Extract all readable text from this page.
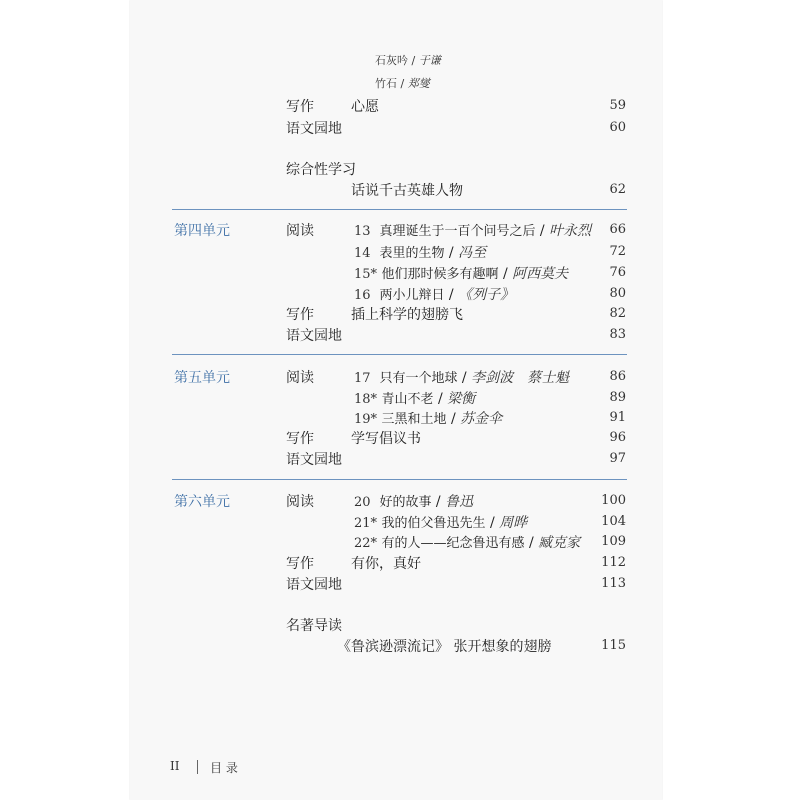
石灰吟 / 于谦
竹石 / 郑燮
写作	心愿	59
语文园地	60
综合性学习
话说千古英雄人物	62
第四单元	阅读	13 真理诞生于一百个问号之后 / 叶永烈	66
14 表里的生物 / 冯至	72
15* 他们那时候多有趣啊 / 阿西莫夫	76
16 两小儿辩日 / 《列子》	80
写作	插上科学的翅膀飞	82
语文园地	83
第五单元	阅读	17 只有一个地球 / 李剑波　蔡士魁	86
18* 青山不老 / 梁衡	89
19* 三黑和土地 / 苏金伞	91
写作	学写倡议书	96
语文园地	97
第六单元	阅读	20 好的故事 / 鲁迅	100
21* 我的伯父鲁迅先生 / 周晔	104
22* 有的人——纪念鲁迅有感 / 臧克家	109
写作	有你，真好	112
语文园地	113
名著导读
《鲁滨逊漂流记》 张开想象的翅膀	115
II	目 录
